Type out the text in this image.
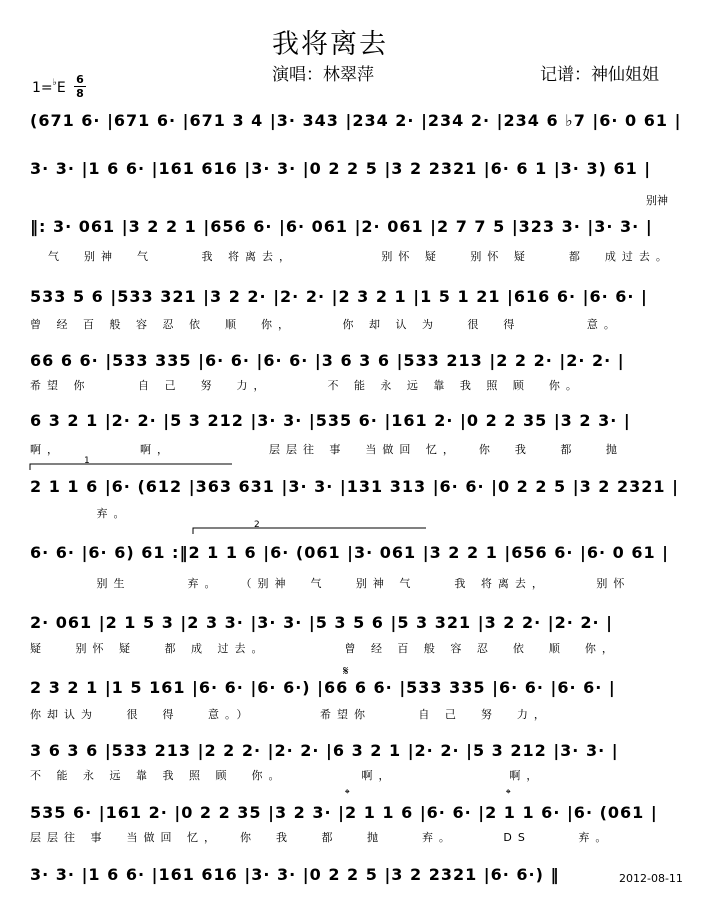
我将离去
演唱：林翠萍	记谱：神仙姐姐
1=♭E
6
8
(671 6· |671 6· |671 3 4 |3· 343 |234 2· |234 2· |234 6 ♭7 |6· 0 61 |
3· 3· |1 6 6· |161 616 |3· 3· |0 2 2 5 |3 2 2321 |6· 6 1 |3· 3) 61 |
别神
‖: 3· 061 |3 2 2 1 |656 6· |6· 061 |2· 061 |2 7 7 5 |323 3· |3· 3· |
气  别神  气     我 将离去，         别怀 疑   别怀 疑    都  成过去。
533 5 6 |533 321 |3 2 2· |2· 2· |2 3 2 1 |1 5 1 21 |616 6· |6· 6· |
曾 经 百 般 容 忍 依  顺  你，     你 却 认 为   很  得       意。
66 6 6· |533 335 |6· 6· |6· 6· |3 6 3 6 |533 213 |2 2 2· |2· 2· |
希望 你     自 己  努  力，      不 能 永 远 靠 我 照 顾  你。
6 3 2 1 |2· 2· |5 3 212 |3· 3· |535 6· |161 2· |0 2 2 35 |3 2 3· |
啊，        啊，          层层往 事  当做回 忆，  你  我   都   抛
1
2 1 1 6 |6· (612 |363 631 |3· 3· |131 313 |6· 6· |0 2 2 5 |3 2 2321 |
弃。
2
6· 6· |6· 6) 61 :‖2 1 1 6 |6· (061 |3· 061 |3 2 2 1 |656 6· |6· 0 61 |
别生      弃。  （别神  气   别神 气    我 将离去，     别怀
2· 061 |2 1 5 3 |2 3 3· |3· 3· |5 3 5 6 |5 3 321 |3 2 2· |2· 2· |
疑   别怀 疑   都 成 过去。        曾 经 百 般 容 忍  依  顺  你，
𝄋
2 3 2 1 |1 5 161 |6· 6· |6· 6·) |66 6 6· |533 335 |6· 6· |6· 6· |
你却认为   很  得   意。）       希望你     自 己  努  力，
3 6 3 6 |533 213 |2 2 2· |2· 2· |6 3 2 1 |2· 2· |5 3 212 |3· 3· |
不 能 永 远 靠 我 照 顾  你。        啊，            啊，
𝄌	𝄌
535 6· |161 2· |0 2 2 35 |3 2 3· |2 1 1 6 |6· 6· |2 1 1 6· |6· (061 |
层层往 事  当做回 忆，  你  我   都   抛    弃。     DS     弃。
3· 3· |1 6 6· |161 616 |3· 3· |0 2 2 5 |3 2 2321 |6· 6·) ‖	2012-08-11
